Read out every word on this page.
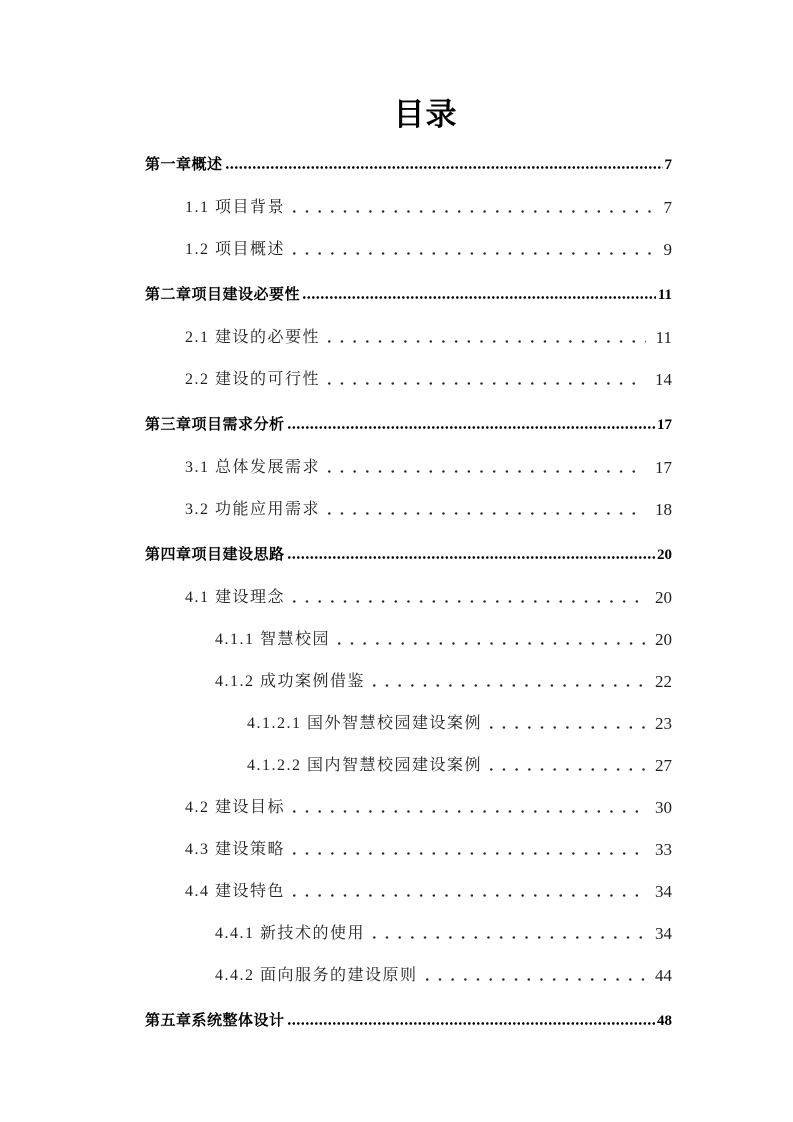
目录
第一章概述	7
1.1 项目背景	7
1.2 项目概述	9
第二章项目建设必要性	11
2.1 建设的必要性	11
2.2 建设的可行性	14
第三章项目需求分析	17
3.1 总体发展需求	17
3.2 功能应用需求	18
第四章项目建设思路	20
4.1 建设理念	20
4.1.1 智慧校园	20
4.1.2 成功案例借鉴	22
4.1.2.1 国外智慧校园建设案例	23
4.1.2.2 国内智慧校园建设案例	27
4.2 建设目标	30
4.3 建设策略	33
4.4 建设特色	34
4.4.1 新技术的使用	34
4.4.2 面向服务的建设原则	44
第五章系统整体设计	48
